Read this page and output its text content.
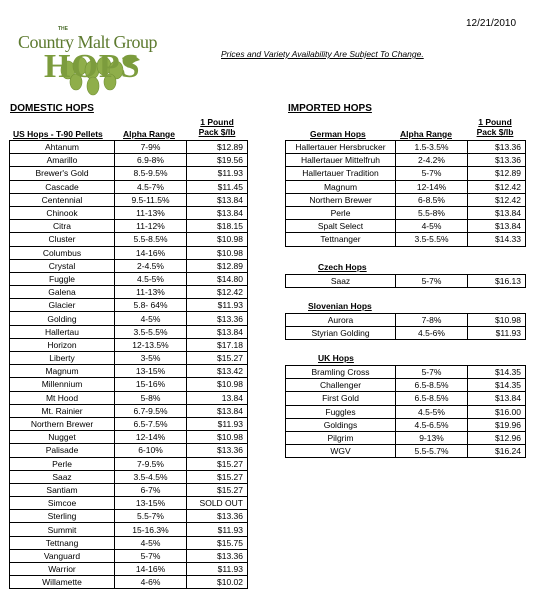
12/21/2010
THE
Country Malt Group
HOPS	Prices and Variety Availability Are Subject To Change.
DOMESTIC HOPS
1 Pound
Pack $/lb
US Hops - T-90 Pellets Alpha Range
Ahtanum	7-9%	$12.89
Amarillo	6.9-8%	$19.56
Brewer's Gold	8.5-9.5%	$11.93
Cascade	4.5-7%	$11.45
Centennial	9.5-11.5%	$13.84
Chinook	11-13%	$13.84
Citra	11-12%	$18.15
Cluster	5.5-8.5%	$10.98
Columbus	14-16%	$10.98
Crystal	2-4.5%	$12.89
Fuggle	4.5-5%	$14.80
Galena	11-13%	$12.42
Glacier	5.8- 64%	$11.93
Golding	4-5%	$13.36
Hallertau	3.5-5.5%	$13.84
Horizon	12-13.5%	$17.18
Liberty	3-5%	$15.27
Magnum	13-15%	$13.42
Millennium	15-16%	$10.98
Mt Hood	5-8%	13.84
Mt. Rainier	6.7-9.5%	$13.84
Northern Brewer	6.5-7.5%	$11.93
Nugget	12-14%	$10.98
Palisade	6-10%	$13.36
Perle	7-9.5%	$15.27
Saaz	3.5-4.5%	$15.27
Santiam	6-7%	$15.27
Simcoe	13-15%	SOLD OUT
Sterling	5.5-7%	$13.36
Summit	15-16.3%	$11.93
Tettnang	4-5%	$15.75
Vanguard	5-7%	$13.36
Warrior	14-16%	$11.93
Willamette	4-6%	$10.02
IMPORTED HOPS
1 Pound
Pack $/lb
German Hops	Alpha Range
Hallertauer Hersbrucker	1.5-3.5%	$13.36
Hallertauer Mittelfruh	2-4.2%	$13.36
Hallertauer Tradition	5-7%	$12.89
Magnum	12-14%	$12.42
Northern Brewer	6-8.5%	$12.42
Perle	5.5-8%	$13.84
Spalt Select	4-5%	$13.84
Tettnanger	3.5-5.5%	$14.33
Czech Hops
Saaz	5-7%	$16.13
Slovenian Hops
Aurora	7-8%	$10.98
Styrian Golding	4.5-6%	$11.93
UK Hops
Bramling Cross	5-7%	$14.35
Challenger	6.5-8.5%	$14.35
First Gold	6.5-8.5%	$13.84
Fuggles	4.5-5%	$16.00
Goldings	4.5-6.5%	$19.96
Pilgrim	9-13%	$12.96
WGV	5.5-5.7%	$16.24
